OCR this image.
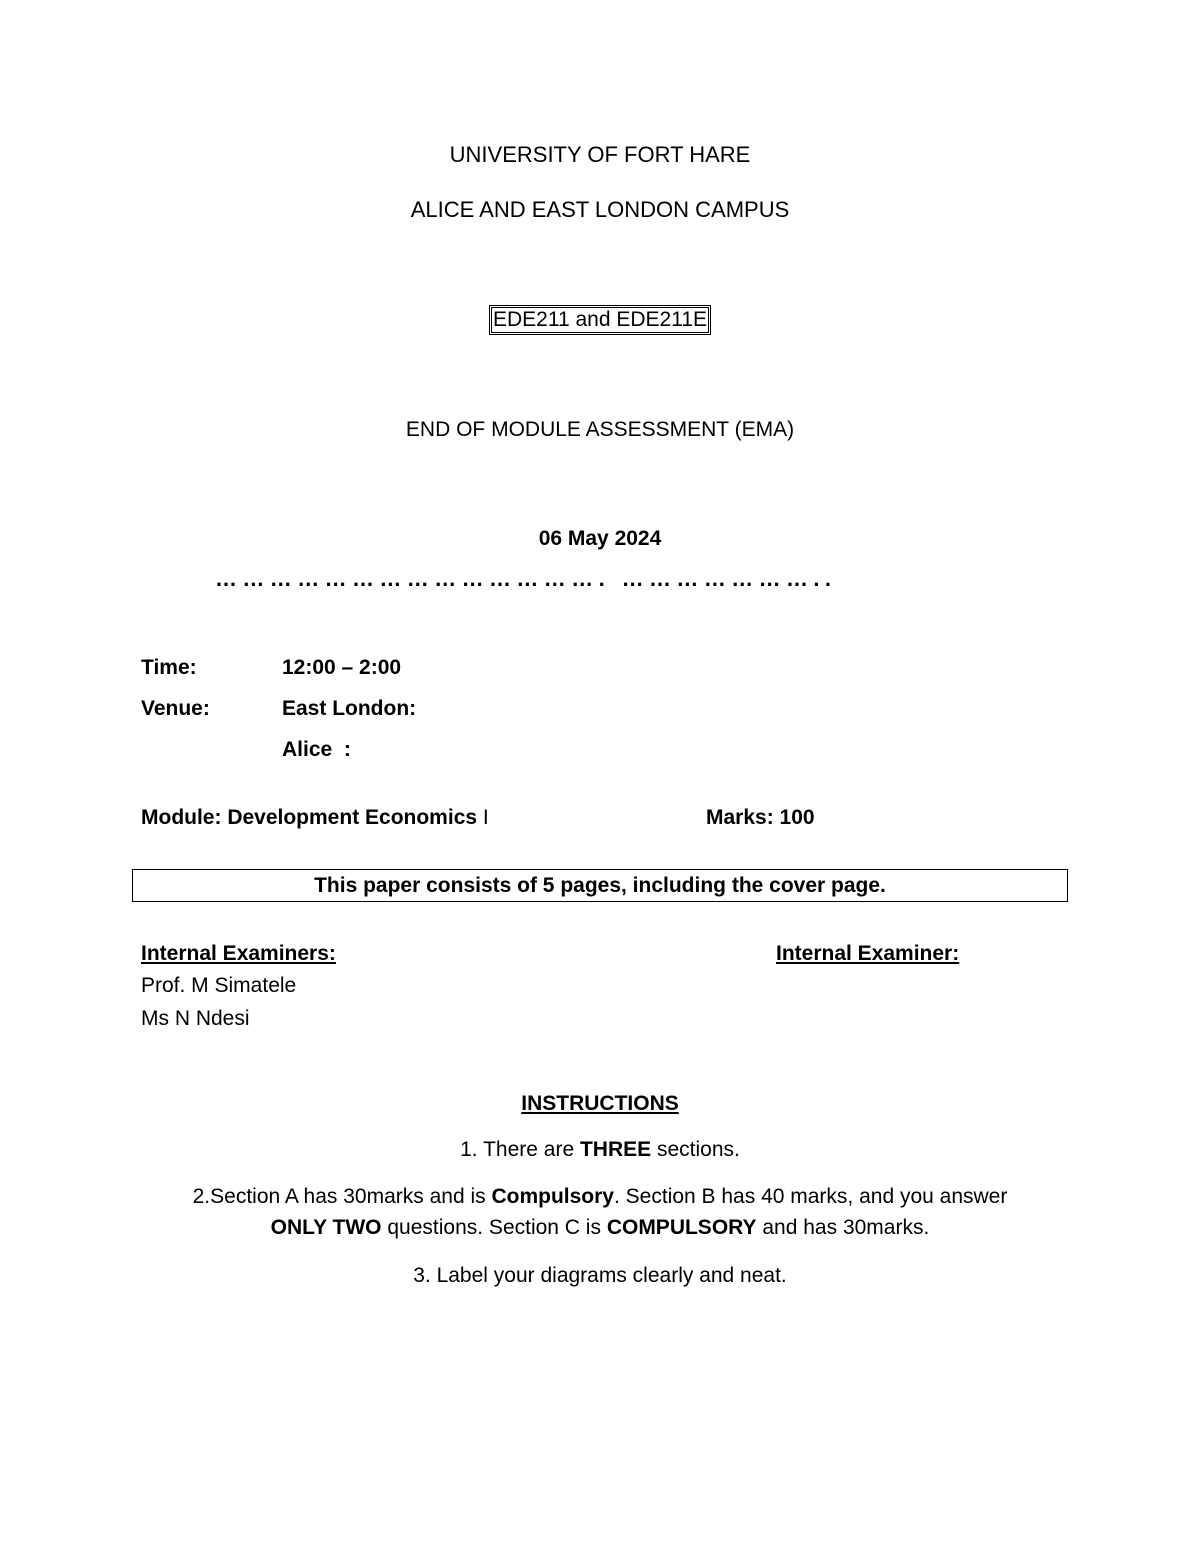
UNIVERSITY OF FORT HARE
ALICE AND EAST LONDON CAMPUS
EDE211 and EDE211E
END OF MODULE ASSESSMENT (EMA)
06 May 2024
……………………………………. …………………..
Time:	12:00 – 2:00
Venue:	East London:
Alice  :
Module: Development Economics I	Marks: 100
This paper consists of 5 pages, including the cover page.
Internal Examiners:	Internal Examiner:
Prof. M Simatele
Ms N Ndesi
INSTRUCTIONS
1. There are THREE sections.
2.Section A has 30marks and is Compulsory. Section B has 40 marks, and you answer
ONLY TWO questions. Section C is COMPULSORY and has 30marks.
3. Label your diagrams clearly and neat.
